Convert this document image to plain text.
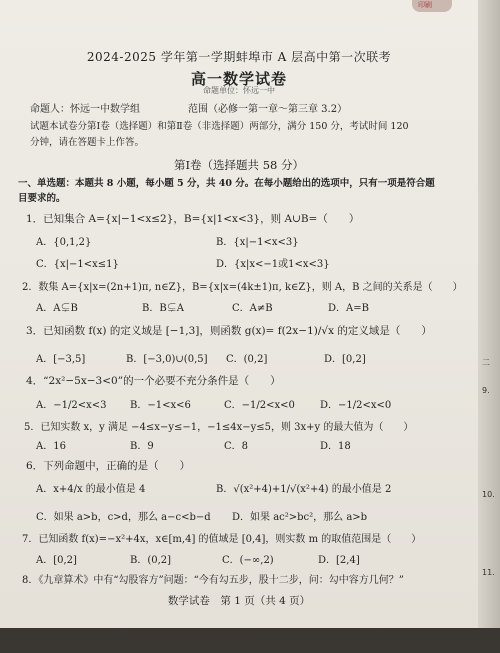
印刷
2024-2025 学年第一学期蚌埠市 A 层高中第一次联考
高一数学试卷
命题单位：怀远一中
命题人：怀远一中数学组	范围（必修一第一章～第三章 3.2）
试题本试卷分第Ⅰ卷（选择题）和第Ⅱ卷（非选择题）两部分，满分 150 分，考试时间 120
分钟，请在答题卡上作答。
第Ⅰ卷（选择题共 58 分）
一、单选题：本题共 8 小题，每小题 5 分，共 40 分。在每小题给出的选项中，只有一项是符合题
目要求的。
1．已知集合 A={x|−1<x≤2}，B={x|1<x<3}，则 A∪B=（　　）
A．{0,1,2}	B．{x|−1<x<3}
C．{x|−1<x≤1}	D．{x|x<−1或1<x<3}
2．数集 A={x|x=(2n+1)π, n∈Z}，B={x|x=(4k±1)π, k∈Z}，则 A，B 之间的关系是（　　）
A．A⊊B	B．B⊊A	C．A≠B	D．A=B
3．已知函数 f(x) 的定义域是 [−1,3]，则函数 g(x)= f(2x−1)/√x 的定义域是（　　）
A．[−3,5]	B．[−3,0)∪(0,5] C．(0,2]	D．[0,2]
4．“2x²−5x−3<0”的一个必要不充分条件是（　　）
A．−1/2<x<3 B．−1<x<6	C．−1/2<x<0	D．−1/2<x<0
5．已知实数 x，y 满足 −4≤x−y≤−1，−1≤4x−y≤5，则 3x+y 的最大值为（　　）
A．16	B．9	C．8	D．18
6．下列命题中，正确的是（　　）
A．x+4/x 的最小值是 4	B．√(x²+4)+1/√(x²+4) 的最小值是 2
C．如果 a>b，c>d，那么 a−c<b−d D．如果 ac²>bc²，那么 a>b
7．已知函数 f(x)=−x²+4x，x∈[m,4] 的值域是 [0,4]，则实数 m 的取值范围是（　　）
A．[0,2]	B．(0,2]	C．(−∞,2)	D．[2,4]
8．《九章算术》中有“勾股容方”问题：“今有勾五步，股十二步，问：勾中容方几何？”
数学试卷　第 1 页（共 4 页）
二
9.
10.
11.
